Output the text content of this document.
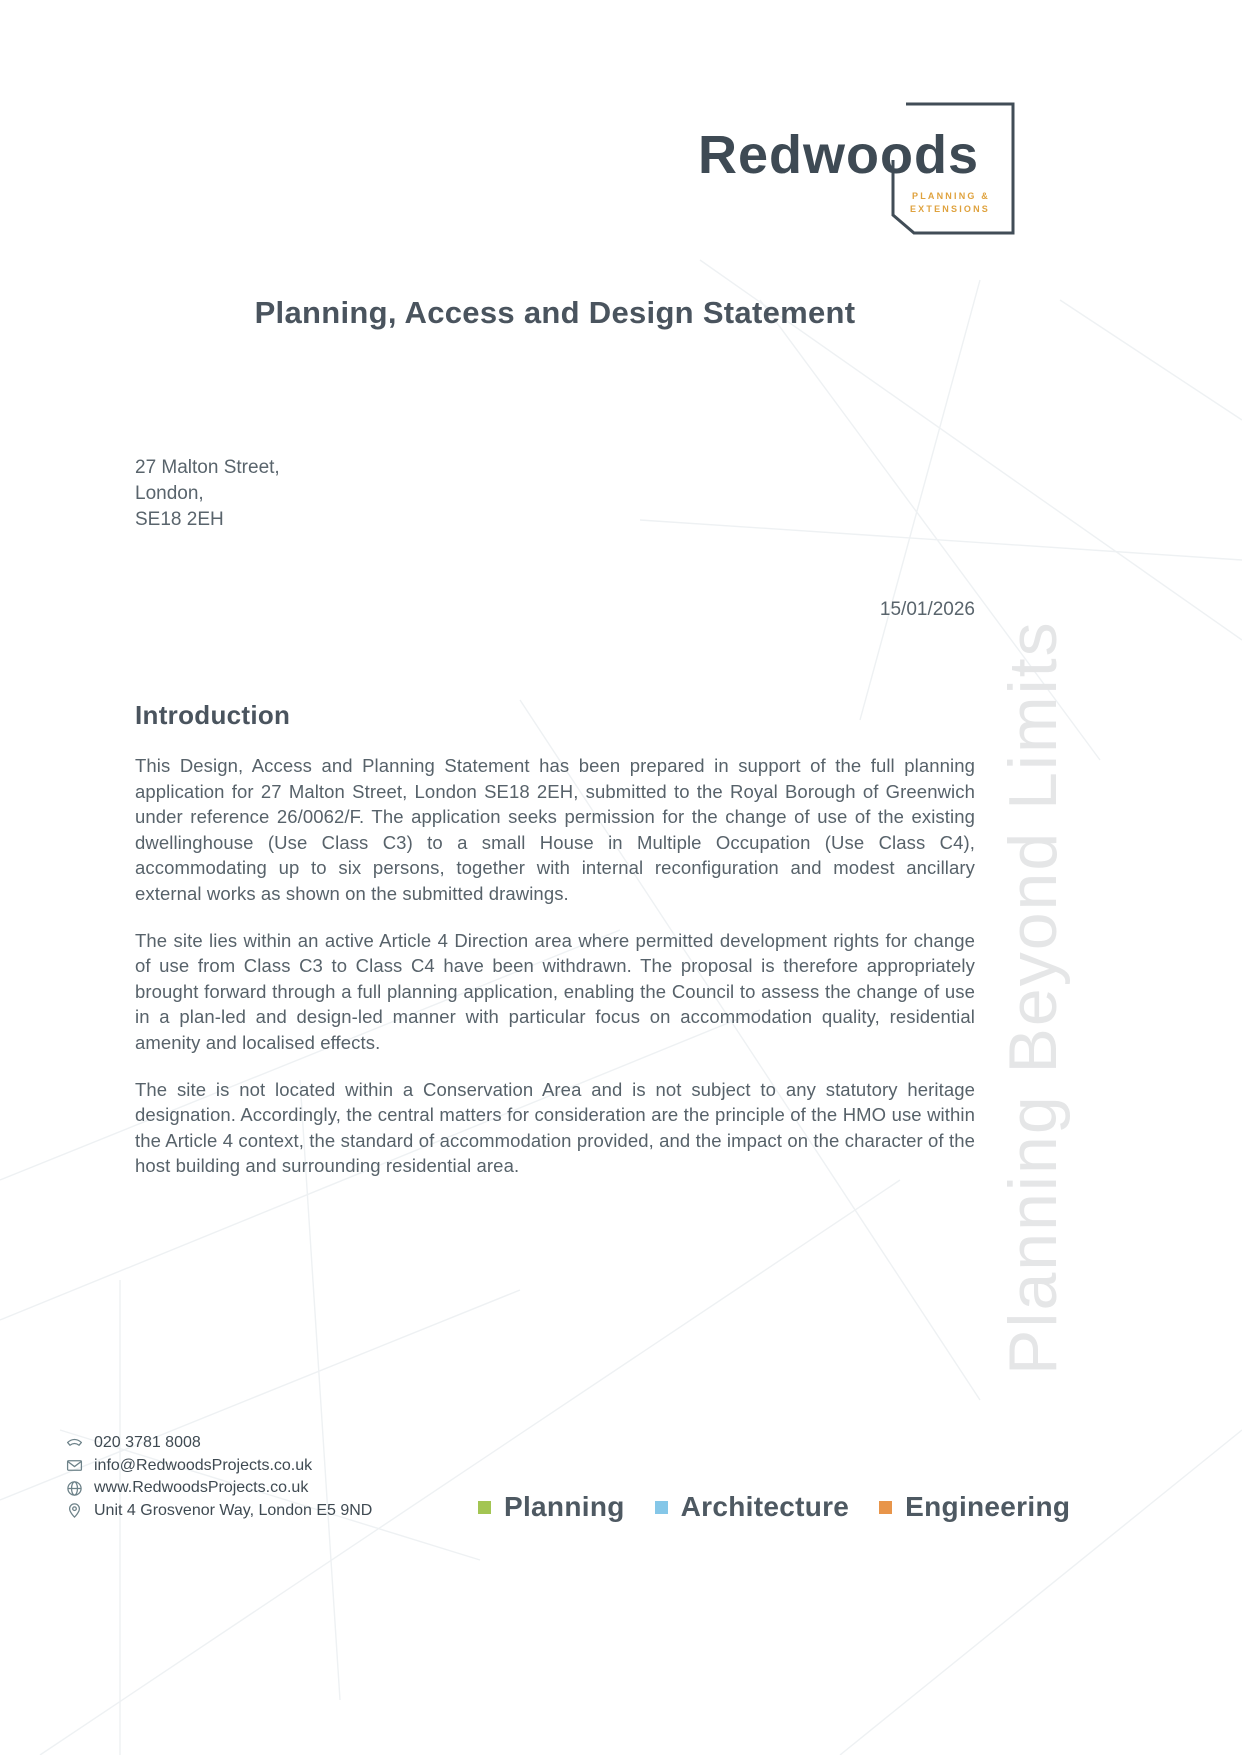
Redwoods
PLANNING &
EXTENSIONS
Planning, Access and Design Statement
27 Malton Street,
London,
SE18 2EH
15/01/2026
Introduction

This Design, Access and Planning Statement has been prepared in support of the full planning application for 27 Malton Street, London SE18 2EH, submitted to the Royal Borough of Greenwich under reference 26/0062/F. The application seeks permission for the change of use of the existing dwellinghouse (Use Class C3) to a small House in Multiple Occupation (Use Class C4), accommodating up to six persons, together with internal reconfiguration and modest ancillary external works as shown on the submitted drawings.

The site lies within an active Article 4 Direction area where permitted development rights for change of use from Class C3 to Class C4 have been withdrawn. The proposal is therefore appropriately brought forward through a full planning application, enabling the Council to assess the change of use in a plan-led and design-led manner with particular focus on accommodation quality, residential amenity and localised effects.

The site is not located within a Conservation Area and is not subject to any statutory heritage designation. Accordingly, the central matters for consideration are the principle of the HMO use within the Article 4 context, the standard of accommodation provided, and the impact on the character of the host building and surrounding residential area.	Planning Beyond Limits
020 3781 8008
info@RedwoodsProjects.co.uk
www.RedwoodsProjects.co.uk
Unit 4 Grosvenor Way, London E5 9ND	Planning Architecture Engineering
